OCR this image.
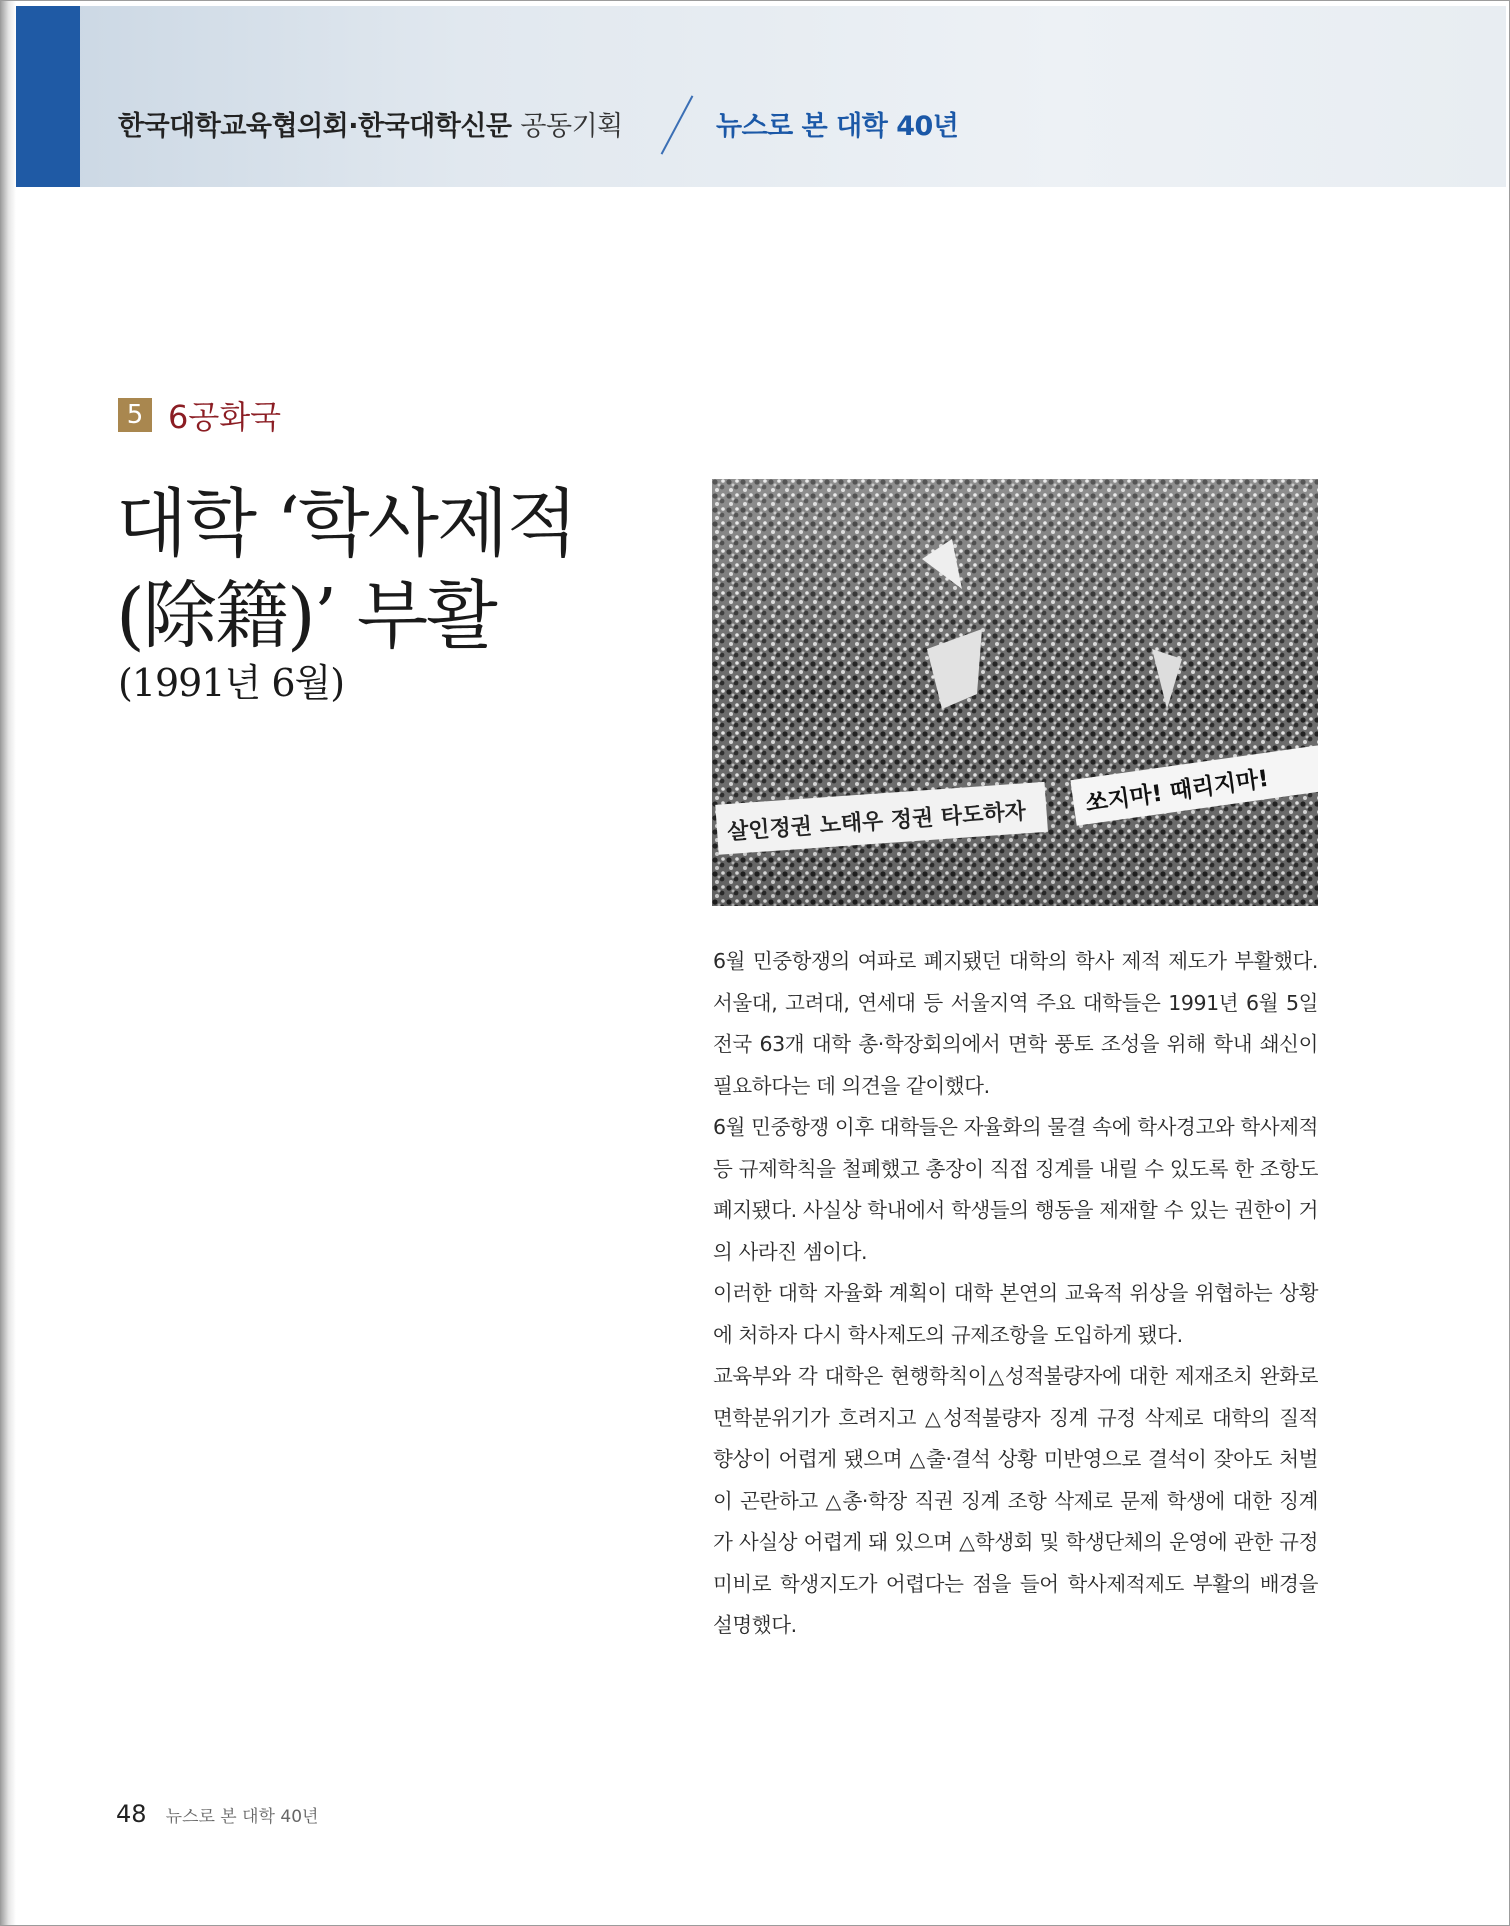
한국대학교육협의회·한국대학신문 공동기획	뉴스로 본 대학 40년
5 6공화국
대학 ‘학사제적
(除籍)’ 부활
(1991년 6월)
살인정권 노태우 정권 타도하자
쏘지마! 때리지마!

6월 민중항쟁의 여파로 폐지됐던 대학의 학사 제적 제도가 부활했다. 서울대, 고려대, 연세대 등 서울지역 주요 대학들은 1991년 6월 5일 전국 63개 대학 총·학장회의에서 면학 풍토 조성을 위해 학내 쇄신이필요하다는 데 의견을 같이했다.

6월 민중항쟁 이후 대학들은 자율화의 물결 속에 학사경고와 학사제적 등 규제학칙을 철폐했고 총장이 직접 징계를 내릴 수 있도록 한 조항도 폐지됐다. 사실상 학내에서 학생들의 행동을 제재할 수 있는 권한이 거의 사라진 셈이다.

이러한 대학 자율화 계획이 대학 본연의 교육적 위상을 위협하는 상황에 처하자 다시 학사제도의 규제조항을 도입하게 됐다.

교육부와 각 대학은 현행학칙이△성적불량자에 대한 제재조치 완화로 면학분위기가 흐려지고 △성적불량자 징계 규정 삭제로 대학의 질적 향상이 어렵게 됐으며 △출·결석 상황 미반영으로 결석이 잦아도 처벌이 곤란하고 △총·학장 직권 징계 조항 삭제로 문제 학생에 대한 징계가 사실상 어렵게 돼 있으며 △학생회 및 학생단체의 운영에 관한 규정미비로 학생지도가 어렵다는 점을 들어 학사제적제도 부활의 배경을 설명했다.

48 뉴스로 본 대학 40년
